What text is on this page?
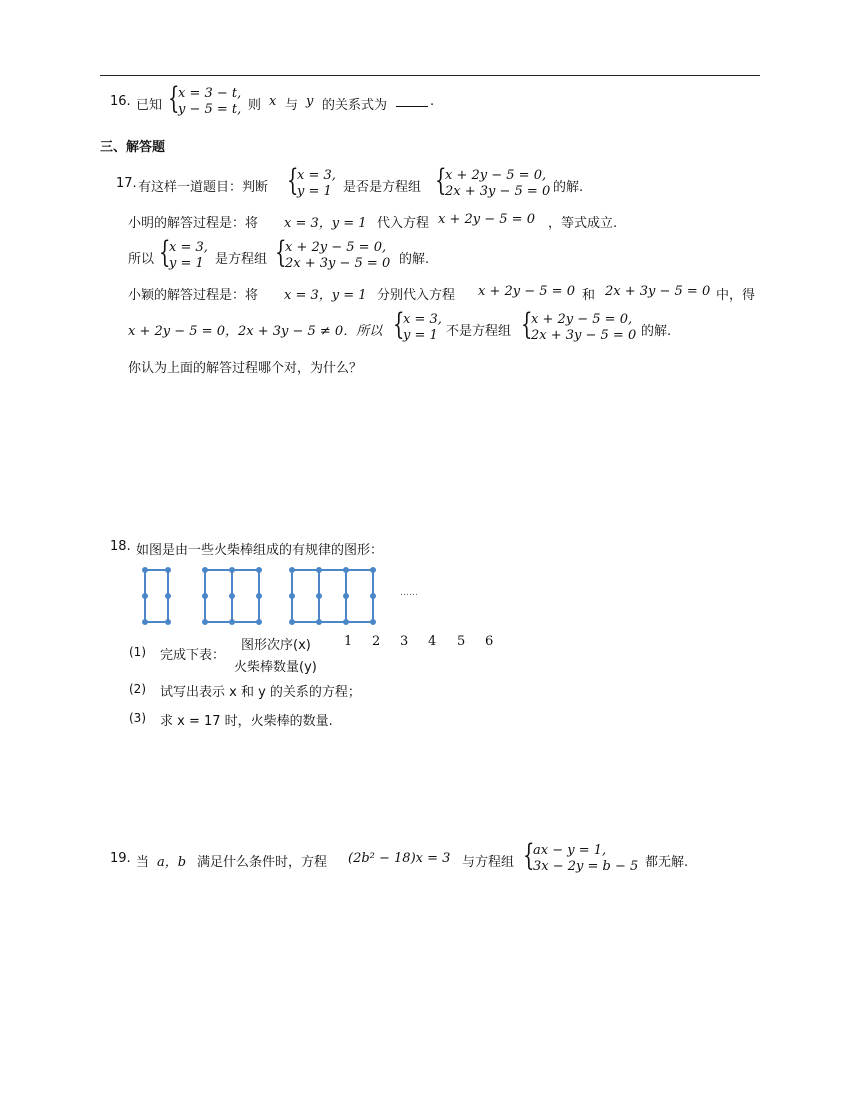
16. 已知 {
x = 3 − t,
y − 5 = t, 则 x 与 y 的关系式为	.
三、解答题
17. 有这样一道题目：判断 {
x = 3,
y = 1 是否是方程组 {
x + 2y − 5 = 0,
2x + 3y − 5 = 0 的解.
小明的解答过程是：将 x = 3，y = 1 代入方程 x + 2y − 5 = 0 ，等式成立.
所以 {
x = 3,
y = 1 是方程组 {
x + 2y − 5 = 0,
2x + 3y − 5 = 0 的解.
小颖的解答过程是：将 x = 3，y = 1 分别代入方程 x + 2y − 5 = 0 和 2x + 3y − 5 = 0 中，得
x + 2y − 5 = 0，2x + 3y − 5 ≠ 0．所以 {
x = 3,
y = 1 不是方程组 {
x + 2y − 5 = 0,
2x + 3y − 5 = 0 的解.
你认为上面的解答过程哪个对，为什么？
18. 如图是由一些火柴棒组成的有规律的图形：
……
(1) 完成下表：
图形次序(x)	1 2 3 4 5 6
火柴棒数量(y)
(2) 试写出表示 x 和 y 的关系的方程；
(3) 求 x = 17 时，火柴棒的数量.
19. 当 a，b 满足什么条件时，方程 (2b² − 18)x = 3 与方程组 {
ax − y = 1,
3x − 2y = b − 5 都无解.
